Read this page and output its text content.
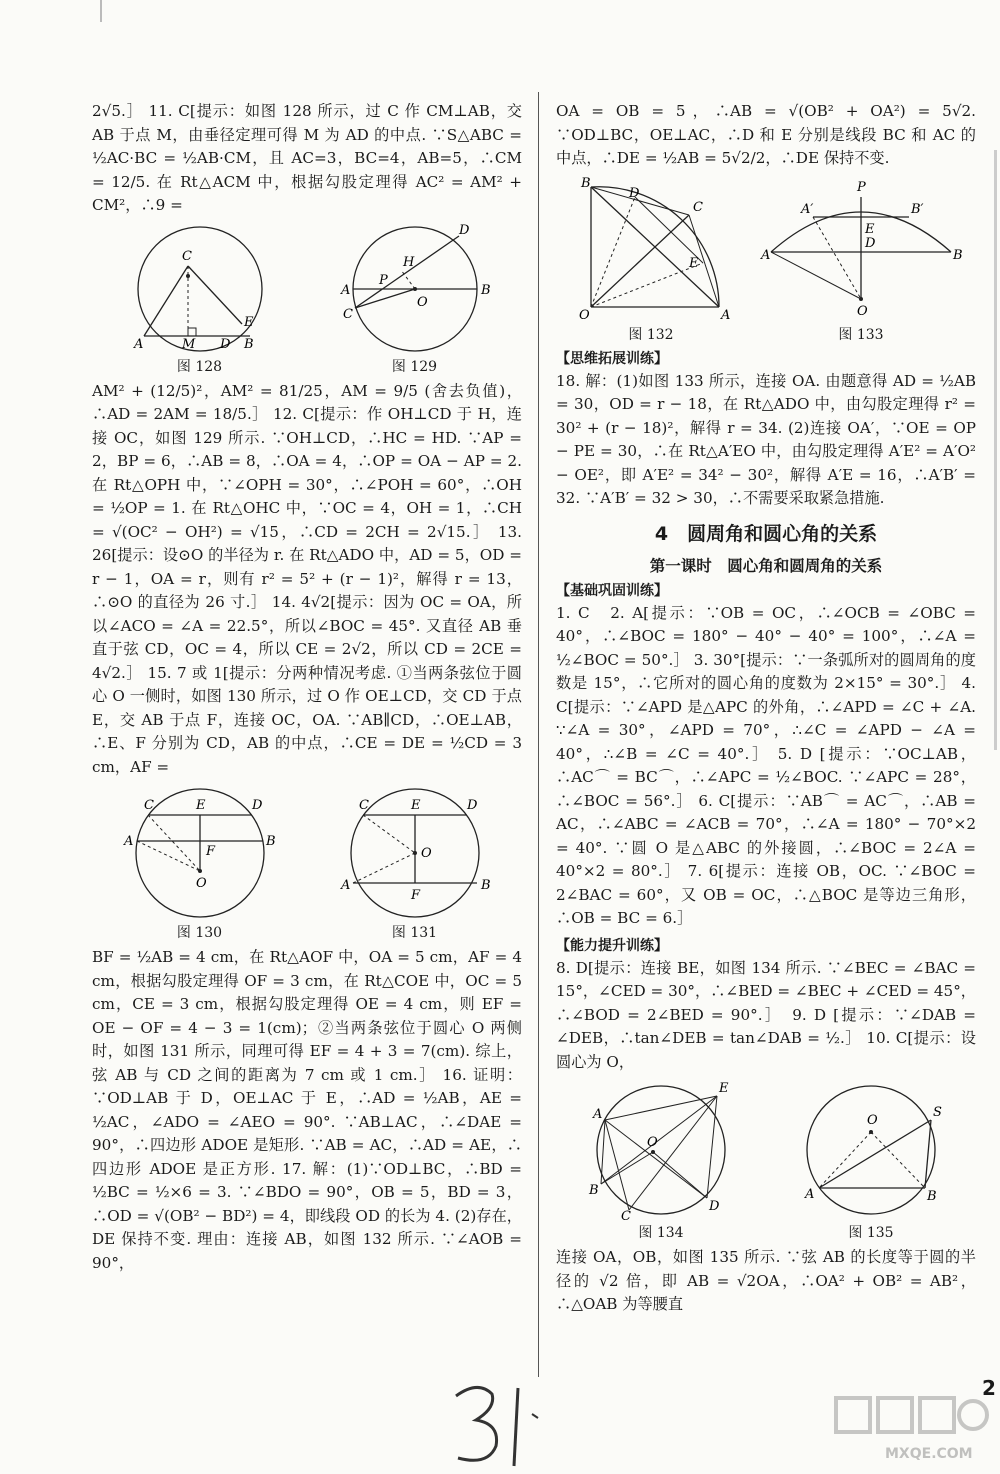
2√5.］ 11. C[提示：如图 128 所示，过 C 作 CM⊥AB，交 AB 于点 M，由垂径定理可得 M 为 AD 的中点. ∵S△ABC = ½AC·BC = ½AB·CM，且 AC=3，BC=4，AB=5，∴CM = 12/5. 在 Rt△ACM 中，根据勾股定理得 AC² = AM² + CM²，∴9 =

C
A	M D B
E
图 128
H
P
O
A	B
C
D
图 129

AM² + (12/5)²，AM² = 81/25，AM = 9/5 (舍去负值)，∴AD = 2AM = 18/5.］ 12. C[提示：作 OH⊥CD 于 H，连接 OC，如图 129 所示. ∵OH⊥CD，∴HC = HD. ∵AP = 2，BP = 6，∴AB = 8，∴OA = 4，∴OP = OA − AP = 2. 在 Rt△OPH 中，∵∠OPH = 30°，∴∠POH = 60°，∴OH = ½OP = 1. 在 Rt△OHC 中，∵OC = 4，OH = 1，∴CH = √(OC² − OH²) = √15，∴CD = 2CH = 2√15.］ 13. 26[提示：设⊙O 的半径为 r. 在 Rt△ADO 中，AD = 5，OD = r − 1，OA = r，则有 r² = 5² + (r − 1)²，解得 r = 13，∴⊙O 的直径为 26 寸.］ 14. 4√2[提示：因为 OC = OA，所以∠ACO = ∠A = 22.5°，所以∠BOC = 45°. 又直径 AB 垂直于弦 CD，OC = 4，所以 CE = 2√2，所以 CD = 2CE = 4√2.］ 15. 7 或 1[提示：分两种情况考虑. ①当两条弦位于圆心 O 一侧时，如图 130 所示，过 O 作 OE⊥CD，交 CD 于点 E，交 AB 于点 F，连接 OC，OA. ∵AB∥CD，∴OE⊥AB，∴E、F 分别为 CD，AB 的中点，∴CE = DE = ½CD = 3 cm，AF =

C	E	D
A	B
F
O
图 130
C	E	D
O
A	B
F
图 131

BF = ½AB = 4 cm，在 Rt△AOF 中，OA = 5 cm，AF = 4 cm，根据勾股定理得 OF = 3 cm，在 Rt△COE 中，OC = 5 cm，CE = 3 cm，根据勾股定理得 OE = 4 cm，则 EF = OE − OF = 4 − 3 = 1(cm)；②当两条弦位于圆心 O 两侧时，如图 131 所示，同理可得 EF = 4 + 3 = 7(cm). 综上，弦 AB 与 CD 之间的距离为 7 cm 或 1 cm.］ 16. 证明：∵OD⊥AB 于 D，OE⊥AC 于 E，∴AD = ½AB，AE = ½AC，∠ADO = ∠AEO = 90°. ∵AB⊥AC，∴∠DAE = 90°，∴四边形 ADOE 是矩形. ∵AB = AC，∴AD = AE，∴四边形 ADOE 是正方形. 17. 解：(1)∵OD⊥BC，∴BD = ½BC = ½×6 = 3. ∵∠BDO = 90°，OB = 5，BD = 3，∴OD = √(OB² − BD²) = 4，即线段 OD 的长为 4. (2)存在，DE 保持不变. 理由：连接 AB，如图 132 所示. ∵∠AOB = 90°，

OA = OB = 5，∴AB = √(OB² + OA²) = 5√2. ∵OD⊥BC，OE⊥AC，∴D 和 E 分别是线段 BC 和 AC 的中点，∴DE = ½AB = 5√2/2，∴DE 保持不变.

B
D
C
E
O	A
图 132
P
A′	B′
E
D
A	B
O
图 133
【思维拓展训练】

18. 解：(1)如图 133 所示，连接 OA. 由题意得 AD = ½AB = 30，OD = r − 18，在 Rt△ADO 中，由勾股定理得 r² = 30² + (r − 18)²，解得 r = 34. (2)连接 OA′，∵OE = OP − PE = 30，∴在 Rt△A′EO 中，由勾股定理得 A′E² = A′O² − OE²，即 A′E² = 34² − 30²，解得 A′E = 16，∴A′B′ = 32. ∵A′B′ = 32 > 30，∴不需要采取紧急措施.

4　圆周角和圆心角的关系
第一课时　圆心角和圆周角的关系
【基础巩固训练】

1. C　2. A[提示：∵OB = OC，∴∠OCB = ∠OBC = 40°，∴∠BOC = 180° − 40° − 40° = 100°，∴∠A = ½∠BOC = 50°.］ 3. 30°[提示：∵一条弧所对的圆周角的度数是 15°，∴它所对的圆心角的度数为 2×15° = 30°.］ 4. C[提示：∵∠APD 是△APC 的外角，∴∠APD = ∠C + ∠A. ∵∠A = 30°，∠APD = 70°，∴∠C = ∠APD − ∠A = 40°，∴∠B = ∠C = 40°.］ 5. D [提示：∵OC⊥AB，∴AC⌒ = BC⌒，∴∠APC = ½∠BOC. ∵∠APC = 28°，∴∠BOC = 56°.］ 6. C[提示：∵AB⌒ = AC⌒，∴AB = AC，∴∠ABC = ∠ACB = 70°，∴∠A = 180° − 70°×2 = 40°. ∵圆 O 是△ABC 的外接圆，∴∠BOC = 2∠A = 40°×2 = 80°.］ 7. 6[提示：连接 OB，OC. ∵∠BOC = 2∠BAC = 60°，又 OB = OC，∴△BOC 是等边三角形，∴OB = BC = 6.］

【能力提升训练】

8. D[提示：连接 BE，如图 134 所示. ∵∠BEC = ∠BAC = 15°，∠CED = 30°，∴∠BED = ∠BEC + ∠CED = 45°，∴∠BOD = 2∠BED = 90°.］　9. D [提示：∵∠DAB = ∠DEB，∴tan∠DEB = tan∠DAB = ½.］ 10. C[提示：设圆心为 O，

A
E
O
B
C
D
图 134
O
S
A	B
图 135

连接 OA，OB，如图 135 所示. ∵弦 AB 的长度等于圆的半径的 √2 倍，即 AB = √2OA，∴OA² + OB² = AB²，∴△OAB 为等腰直

2
MXQE.COM
